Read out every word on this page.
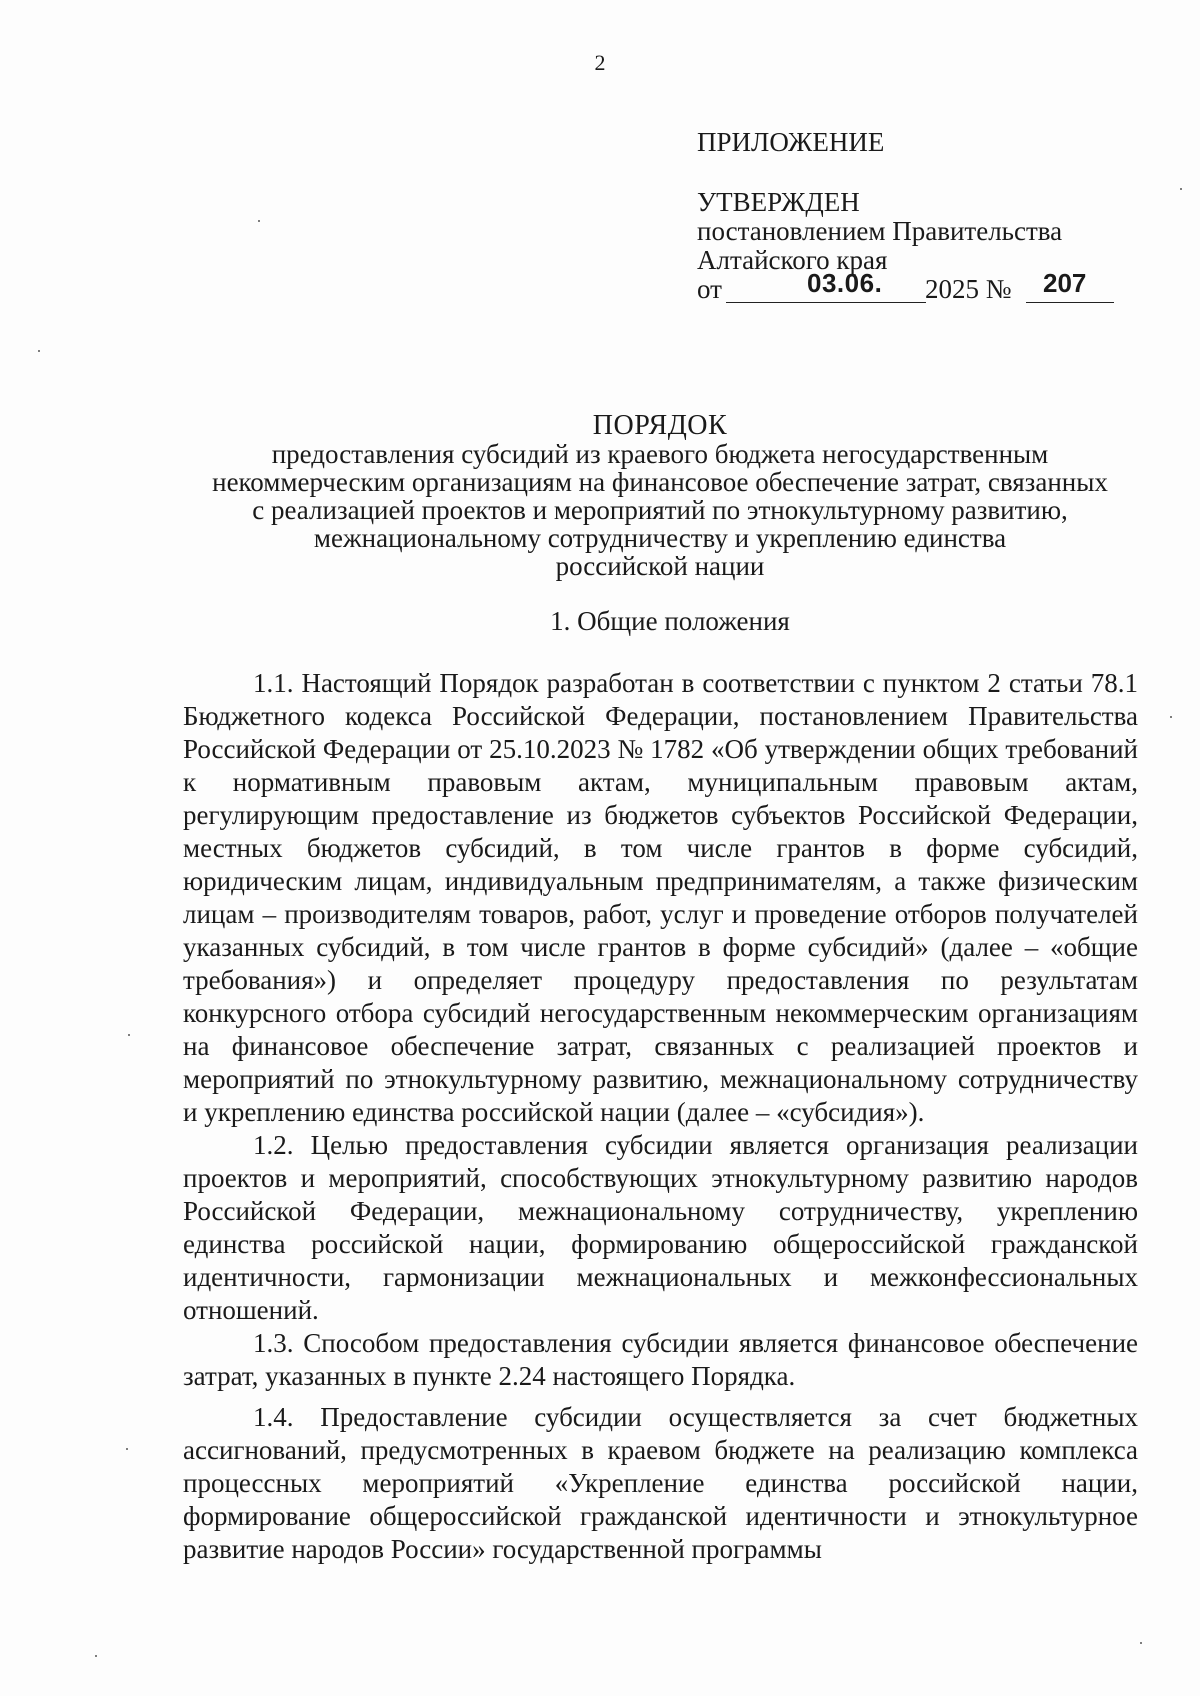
2
ПРИЛОЖЕНИЕ
УТВЕРЖДЕН
постановлением Правительства
Алтайского края
от	03.06. 2025 № 207
ПОРЯДОК
предоставления субсидий из краевого бюджета негосударственным
некоммерческим организациям на финансовое обеспечение затрат, связанных
с реализацией проектов и мероприятий по этнокультурному развитию,
межнациональному сотрудничеству и укреплению единства
российской нации
1. Общие положения

1.1. Настоящий Порядок разработан в соответствии с пунктом 2 статьи 78.1 Бюджетного кодекса Российской Федерации, постановлением Правительства Российской Федерации от 25.10.2023 № 1782 «Об утверждении общих требований к нормативным правовым актам, муниципальным правовым актам, регулирующим предоставление из бюджетов субъектов Российской Федерации, местных бюджетов субсидий, в том числе грантов в форме субсидий, юридическим лицам, индивидуальным предпринимателям, а также физическим лицам – производителям товаров, работ, услуг и проведение отборов получателей указанных субсидий, в том числе грантов в форме субсидий» (далее – «общие требования») и определяет процедуру предоставления по результатам конкурсного отбора субсидий негосударственным некоммерческим организациям на финансовое обеспечение затрат, связанных с реализацией проектов и мероприятий по этнокультурному развитию, межнациональному сотрудничеству и укреплению единства российской нации (далее – «субсидия»).

1.2. Целью предоставления субсидии является организация реализации проектов и мероприятий, способствующих этнокультурному развитию народов Российской Федерации, межнациональному сотрудничеству, укреплению единства российской нации, формированию общероссийской гражданской идентичности, гармонизации межнациональных и межконфессиональных отношений.

1.3. Способом предоставления субсидии является финансовое обеспечение затрат, указанных в пункте 2.24 настоящего Порядка.

1.4. Предоставление субсидии осуществляется за счет бюджетных ассигнований, предусмотренных в краевом бюджете на реализацию комплекса процессных мероприятий «Укрепление единства российской нации, формирование общероссийской гражданской идентичности и этнокультурное развитие народов России» государственной программы
